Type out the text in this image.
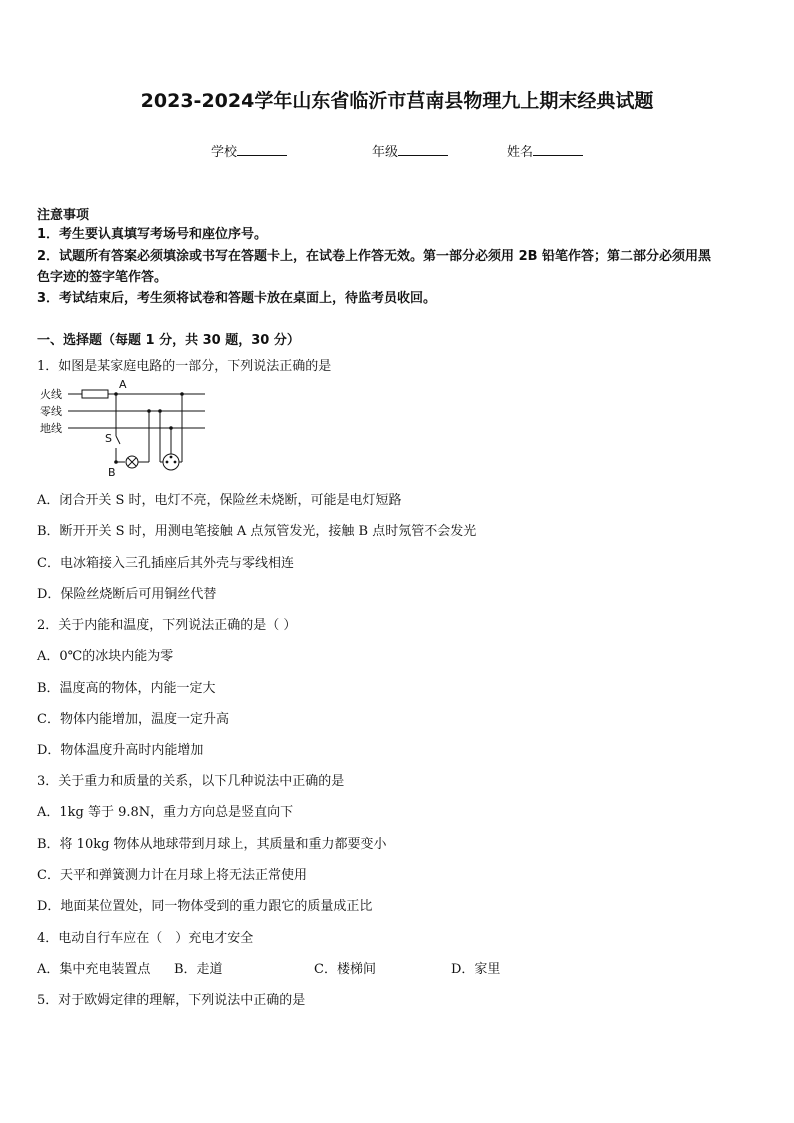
2023-2024学年山东省临沂市莒南县物理九上期末经典试题
学校	年级	姓名
注意事项
1．考生要认真填写考场号和座位序号。
2．试题所有答案必须填涂或书写在答题卡上，在试卷上作答无效。第一部分必须用 2B 铅笔作答；第二部分必须用黑
色字迹的签字笔作答。
3．考试结束后，考生须将试卷和答题卡放在桌面上，待监考员收回。
一、选择题（每题 1 分，共 30 题，30 分）
1．如图是某家庭电路的一部分，下列说法正确的是
火线
零线
地线
A
S
B
A．闭合开关 S 时，电灯不亮，保险丝未烧断，可能是电灯短路
B．断开开关 S 时，用测电笔接触 A 点氖管发光，接触 B 点时氖管不会发光
C．电冰箱接入三孔插座后其外壳与零线相连
D．保险丝烧断后可用铜丝代替
2．关于内能和温度，下列说法正确的是（ ）
A．0℃的冰块内能为零
B．温度高的物体，内能一定大
C．物体内能增加，温度一定升高
D．物体温度升高时内能增加
3．关于重力和质量的关系，以下几种说法中正确的是
A．1kg 等于 9.8N，重力方向总是竖直向下
B．将 10kg 物体从地球带到月球上，其质量和重力都要变小
C．天平和弹簧测力计在月球上将无法正常使用
D．地面某位置处，同一物体受到的重力跟它的质量成正比
4．电动自行车应在（　）充电才安全
A．集中充电装置点 B．走道	C．楼梯间	D．家里
5．对于欧姆定律的理解，下列说法中正确的是
